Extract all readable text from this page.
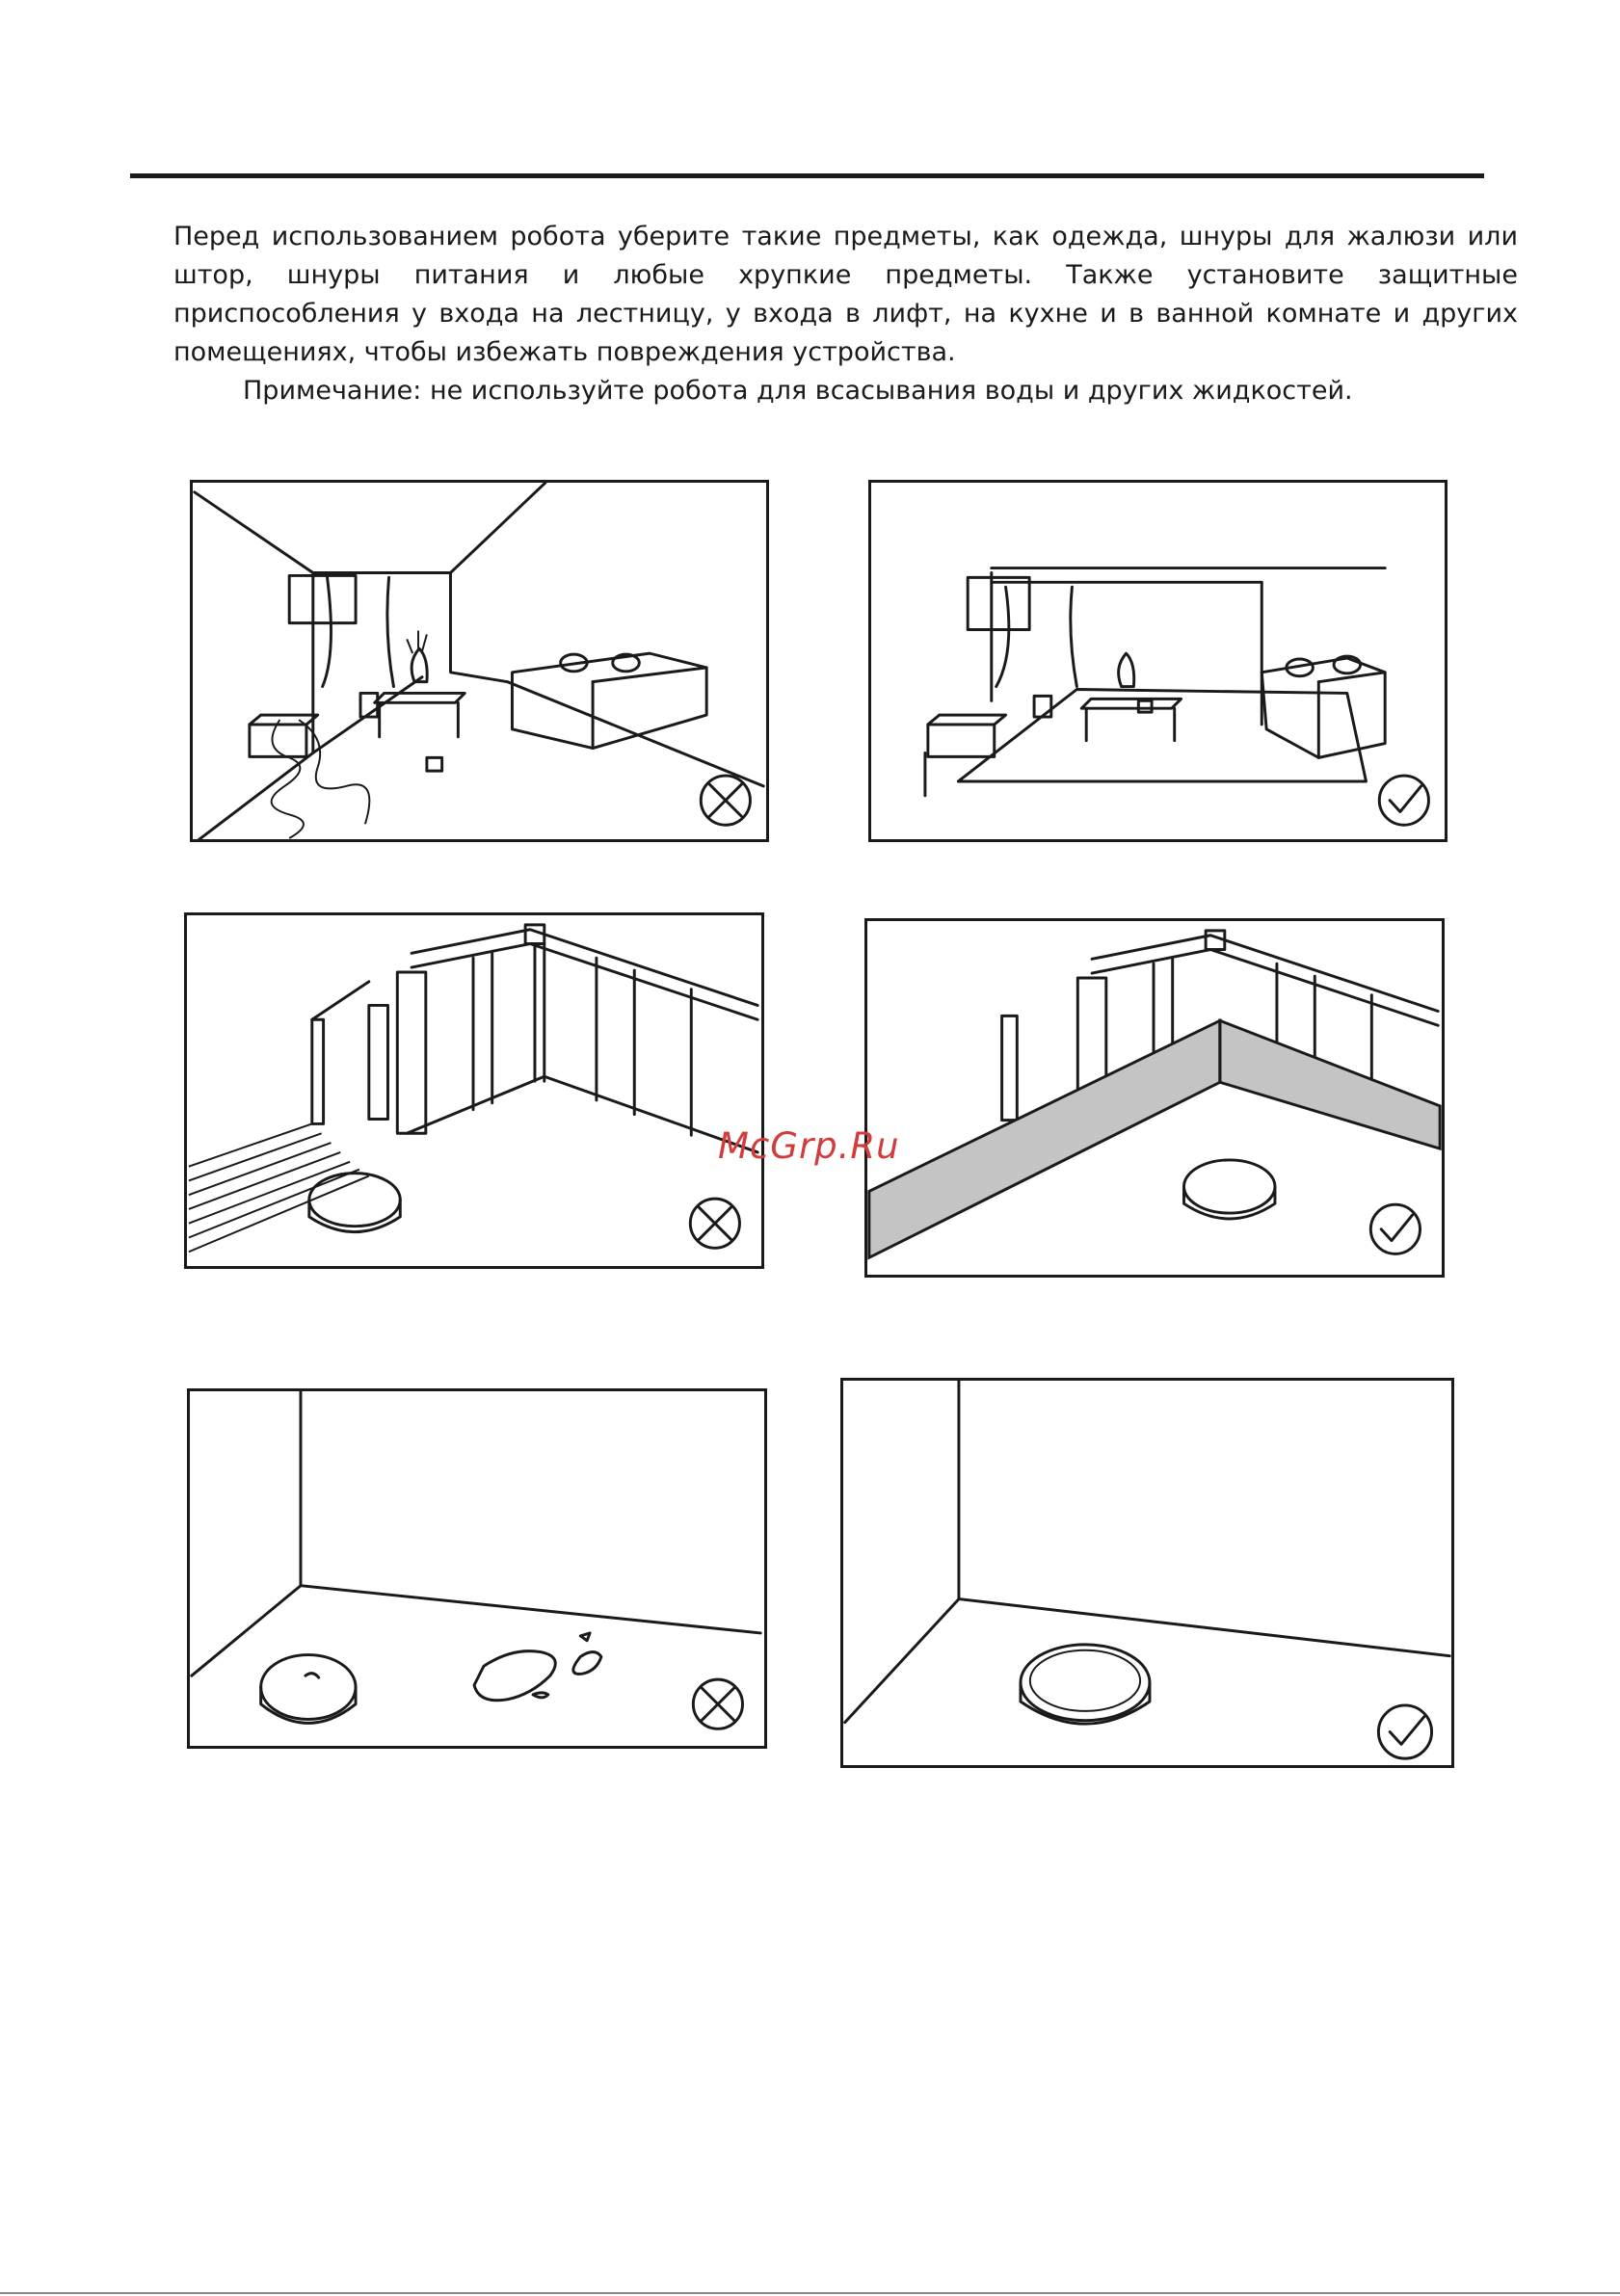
Перед использованием робота уберите такие предметы, как одежда, шнуры для жалюзи или штор, шнуры питания и любые хрупкие предметы. Также установите защитные приспособления у входа на лестницу, у входа в лифт, на кухне и в ванной комнате и других помещениях, чтобы избежать повреждения устройства.

Примечание: не используйте робота для всасывания воды и других жидкостей.

McGrp.Ru
